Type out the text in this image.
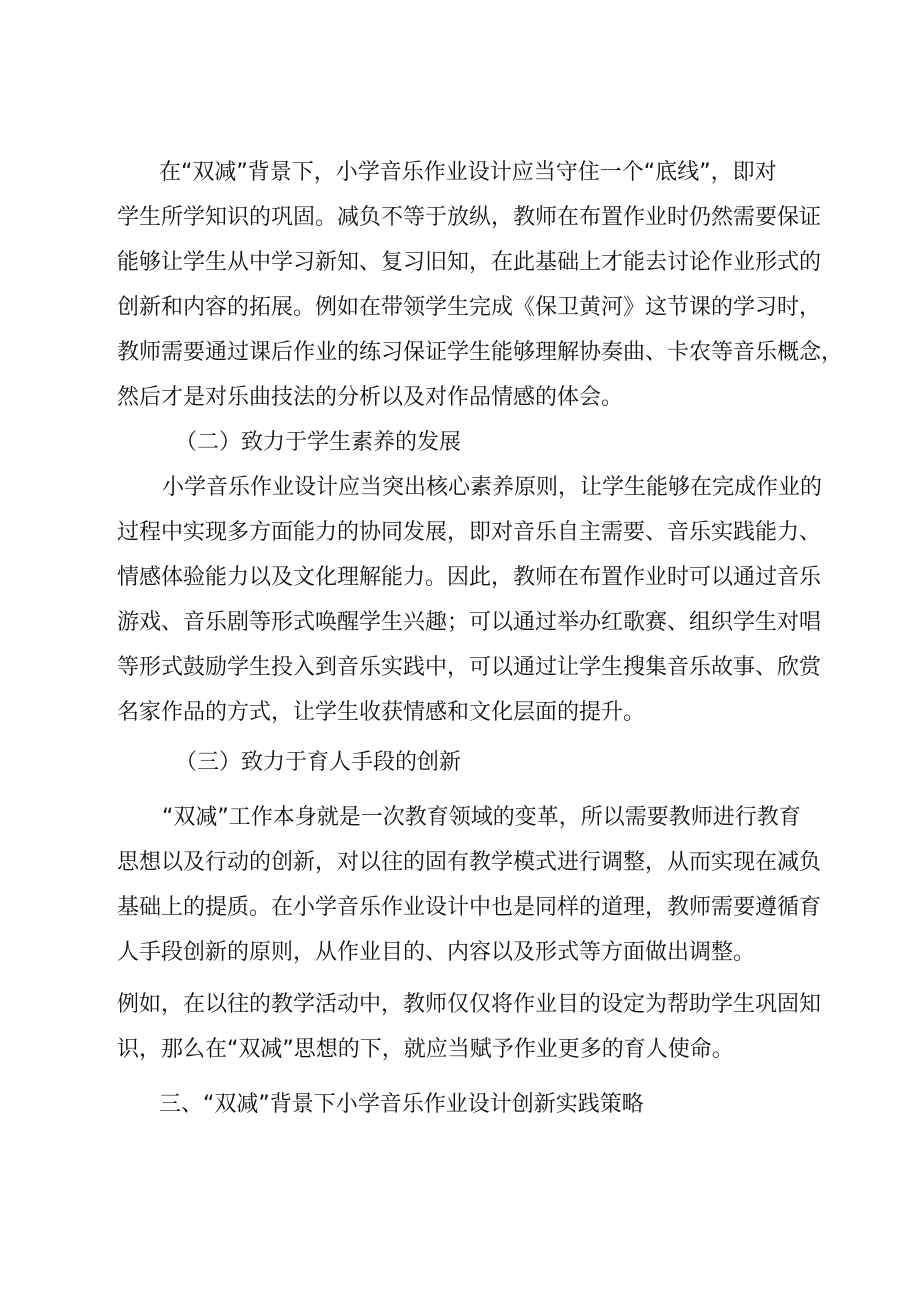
在“双减”背景下，小学音乐作业设计应当守住一个“底线”，即对

学生所学知识的巩固。减负不等于放纵，教师在布置作业时仍然需要保证

能够让学生从中学习新知、复习旧知，在此基础上才能去讨论作业形式的

创新和内容的拓展。例如在带领学生完成《保卫黄河》这节课的学习时，

教师需要通过课后作业的练习保证学生能够理解协奏曲、卡农等音乐概念，

然后才是对乐曲技法的分析以及对作品情感的体会。

（二）致力于学生素养的发展

小学音乐作业设计应当突出核心素养原则，让学生能够在完成作业的

过程中实现多方面能力的协同发展，即对音乐自主需要、音乐实践能力、

情感体验能力以及文化理解能力。因此，教师在布置作业时可以通过音乐

游戏、音乐剧等形式唤醒学生兴趣；可以通过举办红歌赛、组织学生对唱

等形式鼓励学生投入到音乐实践中，可以通过让学生搜集音乐故事、欣赏

名家作品的方式，让学生收获情感和文化层面的提升。

（三）致力于育人手段的创新

“双减”工作本身就是一次教育领域的变革，所以需要教师进行教育

思想以及行动的创新，对以往的固有教学模式进行调整，从而实现在减负

基础上的提质。在小学音乐作业设计中也是同样的道理，教师需要遵循育

人手段创新的原则，从作业目的、内容以及形式等方面做出调整。

例如，在以往的教学活动中，教师仅仅将作业目的设定为帮助学生巩固知

识，那么在“双减”思想的下，就应当赋予作业更多的育人使命。

三、“双减”背景下小学音乐作业设计创新实践策略
